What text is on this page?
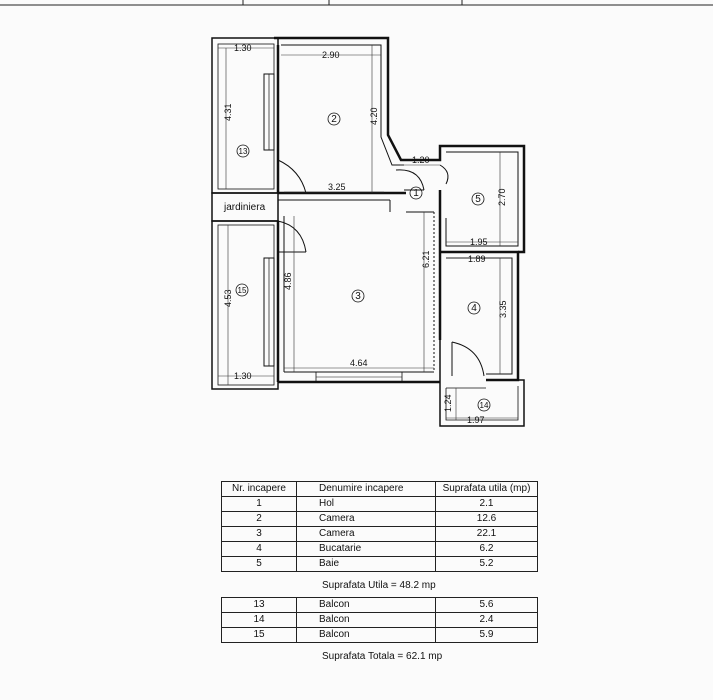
2
1
3
5
4
13
15
14
jardiniera
1.30
2.90
4.31	4.20
1.20
3.25
2.70
1.95
6.21	1.89
4.86
4.53
3.35
4.64
1.30
1.24
1.97
Nr. incapere	Denumire incapere	Suprafata utila (mp)
1	Hol	2.1
2	Camera	12.6
3	Camera	22.1
4	Bucatarie	6.2
5	Baie	5.2
Suprafata Utila = 48.2 mp
13	Balcon	5.6
14	Balcon	2.4
15	Balcon	5.9
Suprafata Totala = 62.1 mp
